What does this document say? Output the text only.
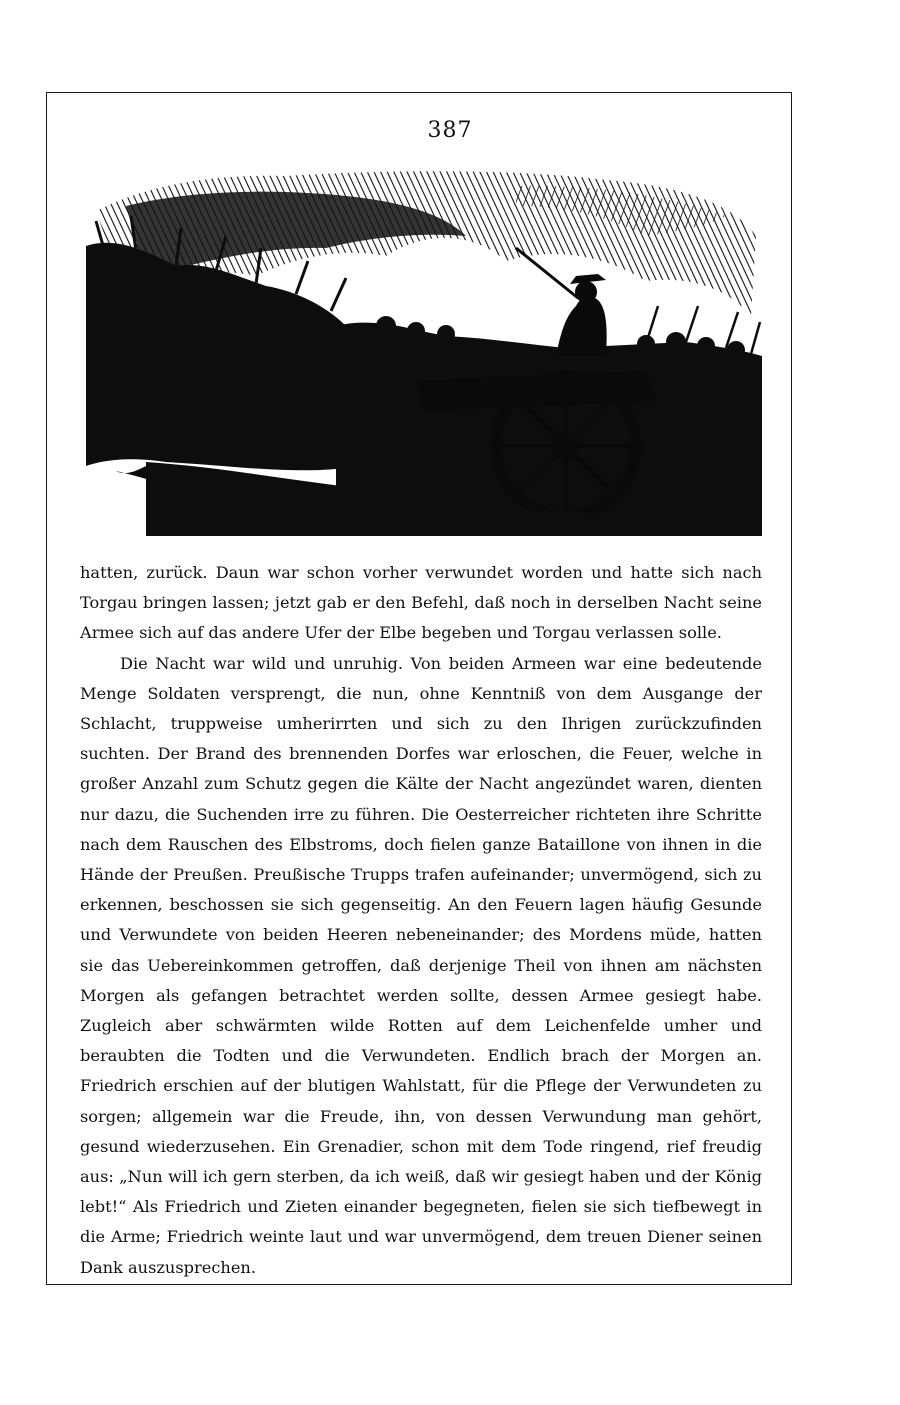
387

hatten, zurück. Daun war schon vorher verwundet worden und hatte sich nach Torgau bringen lassen; jetzt gab er den Befehl, daß noch in derselben Nacht seine Armee sich auf das andere Ufer der Elbe begeben und Torgau verlassen solle.

Die Nacht war wild und unruhig. Von beiden Armeen war eine bedeutende Menge Soldaten versprengt, die nun, ohne Kenntniß von dem Ausgange der Schlacht, truppweise umherirrten und sich zu den Ihrigen zurückzufinden suchten. Der Brand des brennenden Dorfes war erloschen, die Feuer, welche in großer Anzahl zum Schutz gegen die Kälte der Nacht angezündet waren, dienten nur dazu, die Suchenden irre zu führen. Die Oesterreicher richteten ihre Schritte nach dem Rauschen des Elbstroms, doch fielen ganze Bataillone von ihnen in die Hände der Preußen. Preußische Trupps trafen aufeinander; unvermögend, sich zu erkennen, beschossen sie sich gegenseitig. An den Feuern lagen häufig Gesunde und Verwundete von beiden Heeren nebeneinander; des Mordens müde, hatten sie das Uebereinkommen getroffen, daß derjenige Theil von ihnen am nächsten Morgen als gefangen betrachtet werden sollte, dessen Armee gesiegt habe. Zugleich aber schwärmten wilde Rotten auf dem Leichenfelde umher und beraubten die Todten und die Verwundeten. Endlich brach der Morgen an. Friedrich erschien auf der blutigen Wahlstatt, für die Pflege der Verwundeten zu sorgen; allgemein war die Freude, ihn, von dessen Verwundung man gehört, gesund wiederzusehen. Ein Grenadier, schon mit dem Tode ringend, rief freudig aus: „Nun will ich gern sterben, da ich weiß, daß wir gesiegt haben und der König lebt!“ Als Friedrich und Zieten einander begegneten, fielen sie sich tiefbewegt in die Arme; Friedrich weinte laut und war unvermögend, dem treuen Diener seinen Dank auszusprechen.
